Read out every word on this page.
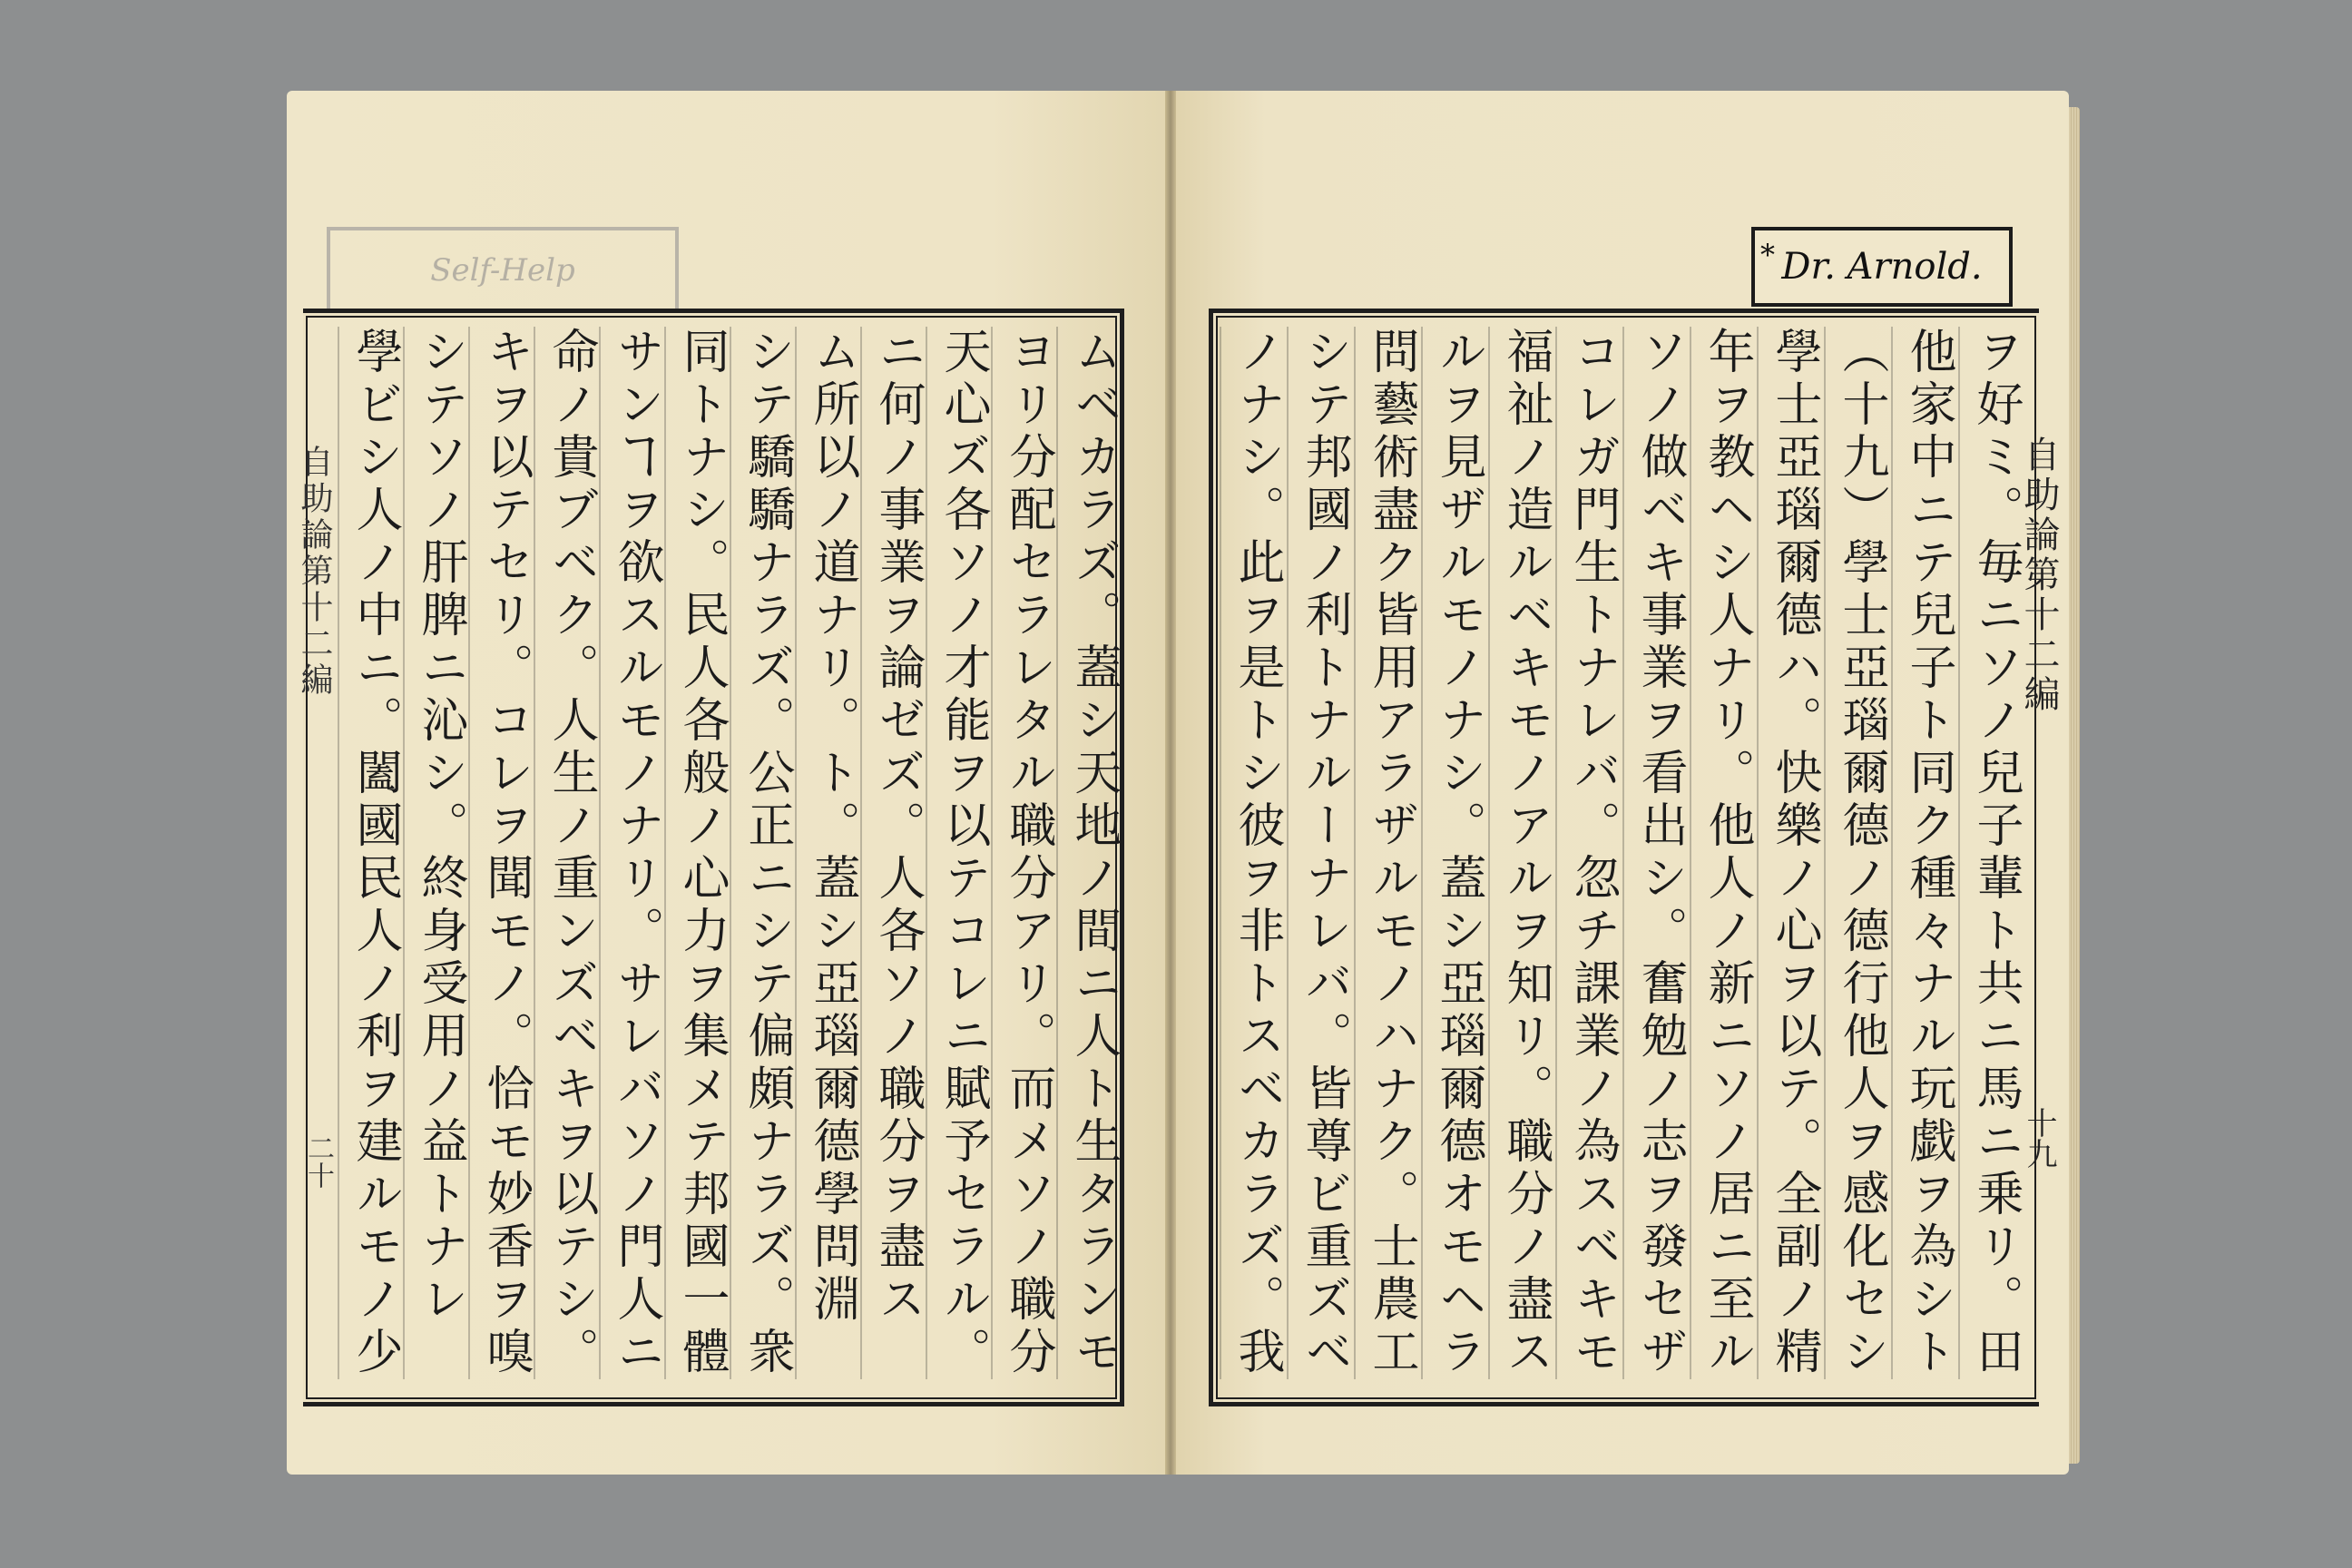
Self-Help
自助論第十二編
二十
學ビシ人ノ中ニ。闔國民人ノ利ヲ建ルモノ少
シテソノ肝脾ニ沁シ。終身受用ノ益トナレ
キヲ以テセリ。コレヲ聞モノ。恰モ妙香ヲ嗅
命ノ貴ブベク。人生ノ重ンズベキヲ以テシ。
サンヿヲ欲スルモノナリ。サレバソノ門人ニ
同トナシ。民人各般ノ心力ヲ集メテ邦國一體
シテ驕驕ナラズ。公正ニシテ偏頗ナラズ。衆
ム所以ノ道ナリ。ト。蓋シ亞瑙爾德學問淵
ニ何ノ事業ヲ論ゼズ。人各ソノ職分ヲ盡ス
天心ズ各ソノ才能ヲ以テコレニ賦予セラル。
ヨリ分配セラレタル職分アリ。而メソノ職分
ムベカラズ。蓋シ天地ノ間ニ人ト生タランモ
ノナシ。此ヲ是トシ彼ヲ非トスベカラズ。我
シテ邦國ノ利トナルーナレバ。皆尊ビ重ズベ
問藝術盡ク皆用アラザルモノハナク。士農工
ルヲ見ザルモノナシ。蓋シ亞瑙爾德オモヘラ
福祉ノ造ルベキモノアルヲ知リ。職分ノ盡ス
コレガ門生トナレバ。忽チ課業ノ為スベキモ
ソノ做ベキ事業ヲ看出シ。奮勉ノ志ヲ發セザ
年ヲ教ヘシ人ナリ。他人ノ新ニソノ居ニ至ル
學士亞瑙爾德ハ。快樂ノ心ヲ以テ。全副ノ精
（十九）學士亞瑙爾德ノ德行他人ヲ感化セシ
他家中ニテ兒子ト同ク種々ナル玩戯ヲ為シト
ヲ好ミ。毎ニソノ兒子輩ト共ニ馬ニ乗リ。田
自助論第十二編
十九
Dr. Arnold.
*
